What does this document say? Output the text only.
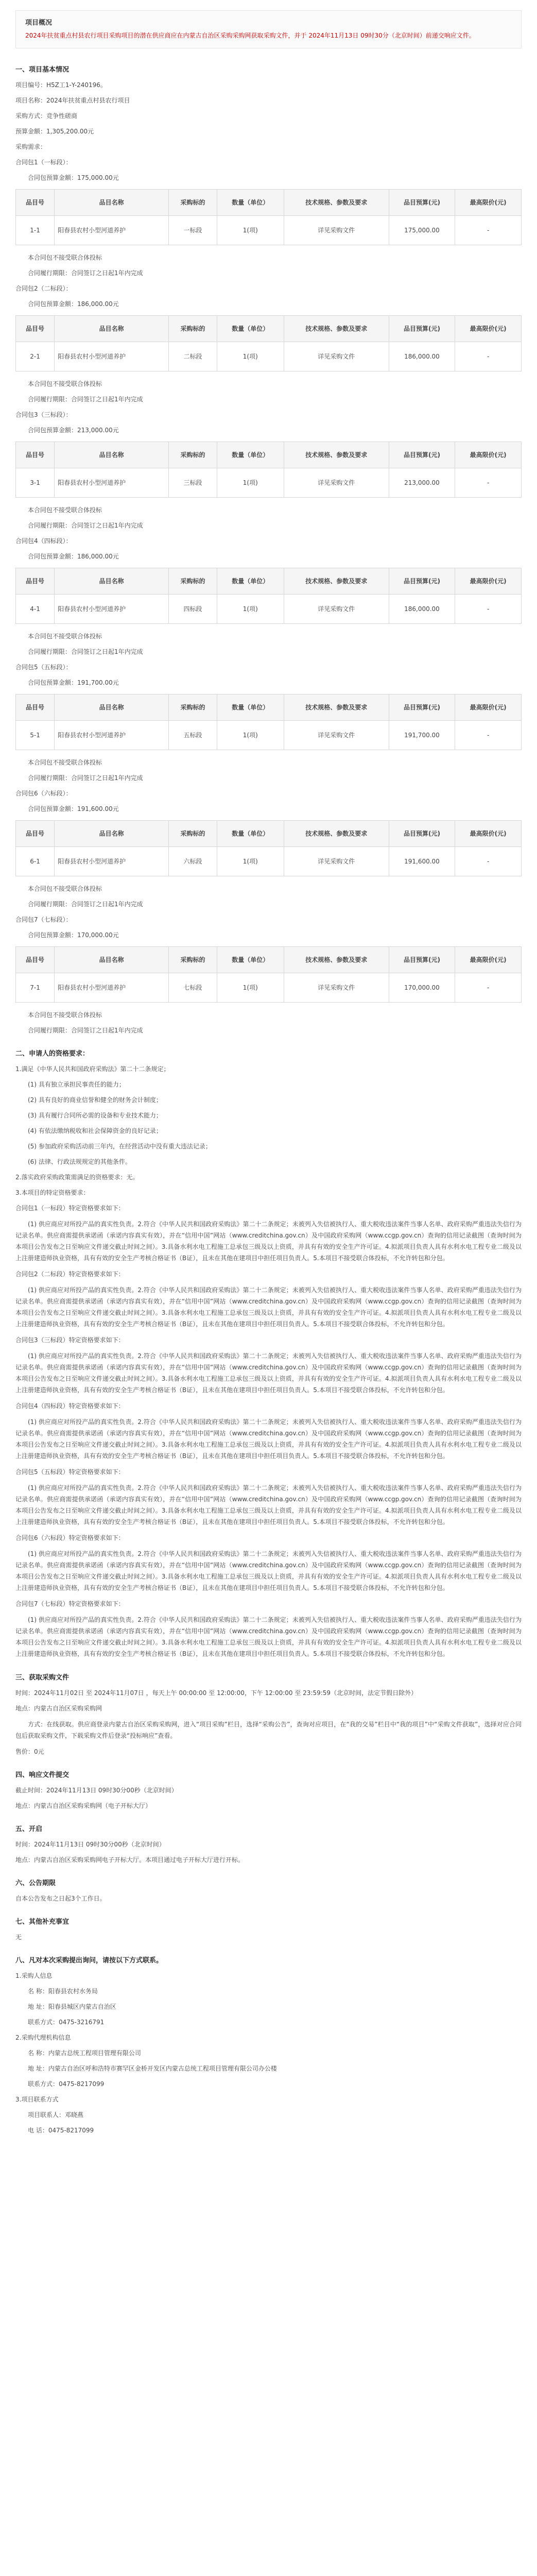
项目概况

2024年扶贫重点村县农行项目采购项目的潜在供应商应在内蒙古自治区采购采购网获取采购文件，并于 2024年11月13日 09时30分（北京时间）前递交响应文件。

一、项目基本情况
项目编号：H5Z工1-Y-240196。
项目名称：2024年扶贫重点村县农行项目
采购方式：竞争性磋商
预算金额：1,305,200.00元
采购需求：
合同包1（一标段）：
合同包预算金额：175,000.00元
品目号	品目名称	采购标的	数量（单位）	技术规格、参数及要求	品目预算(元)	最高限价(元)
1-1	阳春县农村小型河道养护	一标段	1(项)	详见采购文件	175,000.00	-
本合同包不接受联合体投标
合同履行期限：合同签订之日起1年内完成
合同包2（二标段）：
合同包预算金额：186,000.00元
品目号	品目名称	采购标的	数量（单位）	技术规格、参数及要求	品目预算(元)	最高限价(元)
2-1	阳春县农村小型河道养护	二标段	1(项)	详见采购文件	186,000.00	-
本合同包不接受联合体投标
合同履行期限：合同签订之日起1年内完成
合同包3（三标段）：
合同包预算金额：213,000.00元
品目号	品目名称	采购标的	数量（单位）	技术规格、参数及要求	品目预算(元)	最高限价(元)
3-1	阳春县农村小型河道养护	三标段	1(项)	详见采购文件	213,000.00	-
本合同包不接受联合体投标
合同履行期限：合同签订之日起1年内完成
合同包4（四标段）：
合同包预算金额：186,000.00元
品目号	品目名称	采购标的	数量（单位）	技术规格、参数及要求	品目预算(元)	最高限价(元)
4-1	阳春县农村小型河道养护	四标段	1(项)	详见采购文件	186,000.00	-
本合同包不接受联合体投标
合同履行期限：合同签订之日起1年内完成
合同包5（五标段）：
合同包预算金额：191,700.00元
品目号	品目名称	采购标的	数量（单位）	技术规格、参数及要求	品目预算(元)	最高限价(元)
5-1	阳春县农村小型河道养护	五标段	1(项)	详见采购文件	191,700.00	-
本合同包不接受联合体投标
合同履行期限：合同签订之日起1年内完成
合同包6（六标段）：
合同包预算金额：191,600.00元
品目号	品目名称	采购标的	数量（单位）	技术规格、参数及要求	品目预算(元)	最高限价(元)
6-1	阳春县农村小型河道养护	六标段	1(项)	详见采购文件	191,600.00	-
本合同包不接受联合体投标
合同履行期限：合同签订之日起1年内完成
合同包7（七标段）：
合同包预算金额：170,000.00元
品目号	品目名称	采购标的	数量（单位）	技术规格、参数及要求	品目预算(元)	最高限价(元)
7-1	阳春县农村小型河道养护	七标段	1(项)	详见采购文件	170,000.00	-
本合同包不接受联合体投标
合同履行期限：合同签订之日起1年内完成
二、申请人的资格要求：
1.满足《中华人民共和国政府采购法》第二十二条规定；
(1) 具有独立承担民事责任的能力；
(2) 具有良好的商业信誉和健全的财务会计制度；
(3) 具有履行合同所必需的设备和专业技术能力；
(4) 有依法缴纳税收和社会保障资金的良好记录；
(5) 参加政府采购活动前三年内，在经营活动中没有重大违法记录；
(6) 法律、行政法规规定的其他条件。
2.落实政府采购政策需满足的资格要求：无。
3.本项目的特定资格要求：
合同包1（一标段）特定资格要求如下：
(1) 供应商应对所投产品的真实性负责。2.符合《中华人民共和国政府采购法》第二十二条规定；未被列入失信被执行人、重大税收违法案件当事人名单、政府采购严重违法失信行为记录名单。供应商需提供承诺函（承诺内容真实有效），并在“信用中国”网站（www.creditchina.gov.cn）及中国政府采购网（www.ccgp.gov.cn）查询的信用记录截图（查询时间为本项目公告发布之日至响应文件递交截止时间之间）。3.具备水利水电工程施工总承包三级及以上资质，并具有有效的安全生产许可证。4.拟派项目负责人具有水利水电工程专业二级及以上注册建造师执业资格，具有有效的安全生产考核合格证书（B证），且未在其他在建项目中担任项目负责人。5.本项目不接受联合体投标，不允许转包和分包。
合同包2（二标段）特定资格要求如下：
(1) 供应商应对所投产品的真实性负责。2.符合《中华人民共和国政府采购法》第二十二条规定；未被列入失信被执行人、重大税收违法案件当事人名单、政府采购严重违法失信行为记录名单。供应商需提供承诺函（承诺内容真实有效），并在“信用中国”网站（www.creditchina.gov.cn）及中国政府采购网（www.ccgp.gov.cn）查询的信用记录截图（查询时间为本项目公告发布之日至响应文件递交截止时间之间）。3.具备水利水电工程施工总承包三级及以上资质，并具有有效的安全生产许可证。4.拟派项目负责人具有水利水电工程专业二级及以上注册建造师执业资格，具有有效的安全生产考核合格证书（B证），且未在其他在建项目中担任项目负责人。5.本项目不接受联合体投标，不允许转包和分包。
合同包3（三标段）特定资格要求如下：
(1) 供应商应对所投产品的真实性负责。2.符合《中华人民共和国政府采购法》第二十二条规定；未被列入失信被执行人、重大税收违法案件当事人名单、政府采购严重违法失信行为记录名单。供应商需提供承诺函（承诺内容真实有效），并在“信用中国”网站（www.creditchina.gov.cn）及中国政府采购网（www.ccgp.gov.cn）查询的信用记录截图（查询时间为本项目公告发布之日至响应文件递交截止时间之间）。3.具备水利水电工程施工总承包三级及以上资质，并具有有效的安全生产许可证。4.拟派项目负责人具有水利水电工程专业二级及以上注册建造师执业资格，具有有效的安全生产考核合格证书（B证），且未在其他在建项目中担任项目负责人。5.本项目不接受联合体投标，不允许转包和分包。
合同包4（四标段）特定资格要求如下：
(1) 供应商应对所投产品的真实性负责。2.符合《中华人民共和国政府采购法》第二十二条规定；未被列入失信被执行人、重大税收违法案件当事人名单、政府采购严重违法失信行为记录名单。供应商需提供承诺函（承诺内容真实有效），并在“信用中国”网站（www.creditchina.gov.cn）及中国政府采购网（www.ccgp.gov.cn）查询的信用记录截图（查询时间为本项目公告发布之日至响应文件递交截止时间之间）。3.具备水利水电工程施工总承包三级及以上资质，并具有有效的安全生产许可证。4.拟派项目负责人具有水利水电工程专业二级及以上注册建造师执业资格，具有有效的安全生产考核合格证书（B证），且未在其他在建项目中担任项目负责人。5.本项目不接受联合体投标，不允许转包和分包。
合同包5（五标段）特定资格要求如下：
(1) 供应商应对所投产品的真实性负责。2.符合《中华人民共和国政府采购法》第二十二条规定；未被列入失信被执行人、重大税收违法案件当事人名单、政府采购严重违法失信行为记录名单。供应商需提供承诺函（承诺内容真实有效），并在“信用中国”网站（www.creditchina.gov.cn）及中国政府采购网（www.ccgp.gov.cn）查询的信用记录截图（查询时间为本项目公告发布之日至响应文件递交截止时间之间）。3.具备水利水电工程施工总承包三级及以上资质，并具有有效的安全生产许可证。4.拟派项目负责人具有水利水电工程专业二级及以上注册建造师执业资格，具有有效的安全生产考核合格证书（B证），且未在其他在建项目中担任项目负责人。5.本项目不接受联合体投标，不允许转包和分包。
合同包6（六标段）特定资格要求如下：
(1) 供应商应对所投产品的真实性负责。2.符合《中华人民共和国政府采购法》第二十二条规定；未被列入失信被执行人、重大税收违法案件当事人名单、政府采购严重违法失信行为记录名单。供应商需提供承诺函（承诺内容真实有效），并在“信用中国”网站（www.creditchina.gov.cn）及中国政府采购网（www.ccgp.gov.cn）查询的信用记录截图（查询时间为本项目公告发布之日至响应文件递交截止时间之间）。3.具备水利水电工程施工总承包三级及以上资质，并具有有效的安全生产许可证。4.拟派项目负责人具有水利水电工程专业二级及以上注册建造师执业资格，具有有效的安全生产考核合格证书（B证），且未在其他在建项目中担任项目负责人。5.本项目不接受联合体投标，不允许转包和分包。
合同包7（七标段）特定资格要求如下：
(1) 供应商应对所投产品的真实性负责。2.符合《中华人民共和国政府采购法》第二十二条规定；未被列入失信被执行人、重大税收违法案件当事人名单、政府采购严重违法失信行为记录名单。供应商需提供承诺函（承诺内容真实有效），并在“信用中国”网站（www.creditchina.gov.cn）及中国政府采购网（www.ccgp.gov.cn）查询的信用记录截图（查询时间为本项目公告发布之日至响应文件递交截止时间之间）。3.具备水利水电工程施工总承包三级及以上资质，并具有有效的安全生产许可证。4.拟派项目负责人具有水利水电工程专业二级及以上注册建造师执业资格，具有有效的安全生产考核合格证书（B证），且未在其他在建项目中担任项目负责人。5.本项目不接受联合体投标，不允许转包和分包。
三、获取采购文件
时间：2024年11月02日 至 2024年11月07日 ，每天上午 00:00:00 至 12:00:00，下午 12:00:00 至 23:59:59（北京时间，法定节假日除外）
地点：内蒙古自治区采购采购网
方式：在线获取。供应商登录内蒙古自治区采购采购网，进入“项目采购”栏目，选择“采购公告”，查询对应项目，在“我的交易”栏目中“我的项目”中“采购文件获取”，选择对应合同包后获取采购文件，下载采购文件后登录“投标响应”查看。
售价：0元
四、响应文件提交
截止时间：2024年11月13日 09时30分00秒（北京时间）
地点：内蒙古自治区采购采购网（电子开标大厅）
五、开启
时间：2024年11月13日 09时30分00秒（北京时间）
地点：内蒙古自治区采购采购网电子开标大厅。本项目通过电子开标大厅进行开标。
六、公告期限
自本公告发布之日起3个工作日。
七、其他补充事宜
无
八、凡对本次采购提出询问，请按以下方式联系。
1.采购人信息
名 称：阳春县农村水务局
地 址：阳春县城区内蒙古自治区
联系方式：0475-3216791
2.采购代理机构信息
名 称：内蒙古总统工程项目管理有限公司
地 址：内蒙古自治区呼和浩特市赛罕区金桥开发区内蒙古总统工程项目管理有限公司办公楼
联系方式：0475-8217099
3.项目联系方式
项目联系人：邓晓燕
电 话：0475-8217099
